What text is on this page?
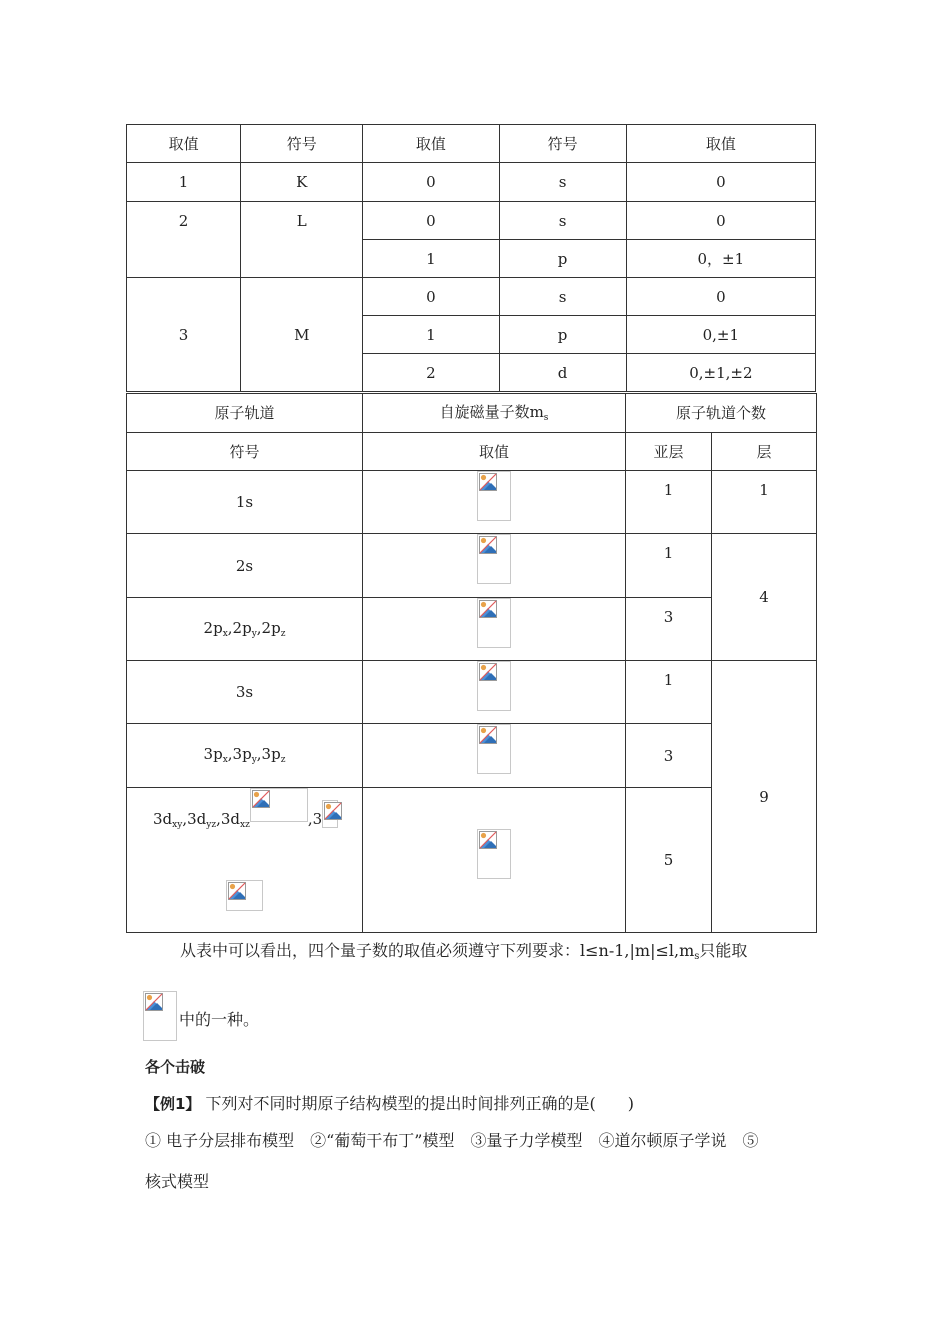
取值	符号	取值	符号	取值
1	K	0	s	0
2	L	0	s	0
		1	p	0，±1
3	M	0	s	0
		1	p	0,±1
		2	d	0,±1,±2
原子轨道	自旋磁量子数$m_s$	原子轨道个数	
符号	取值	亚层	层
1s		1	1
2s		1	4
$2p_x,2p_y,2p_z$		3	
3s		1	9
$3p_x,3p_y,3p_z$		3	

$3d_{xy},3d_{yz},3d_{xz}$ ,3		5	
从表中可以看出，四个量子数的取值必须遵守下列要求：$l\le n-1,|m|\le l,m_s$只能取
中的一种。
各个击破
【例1】 下列对不同时期原子结构模型的提出时间排列正确的是(　　)
① 电子分层排布模型　②“葡萄干布丁”模型　③量子力学模型　④道尔顿原子学说　⑤
核式模型
